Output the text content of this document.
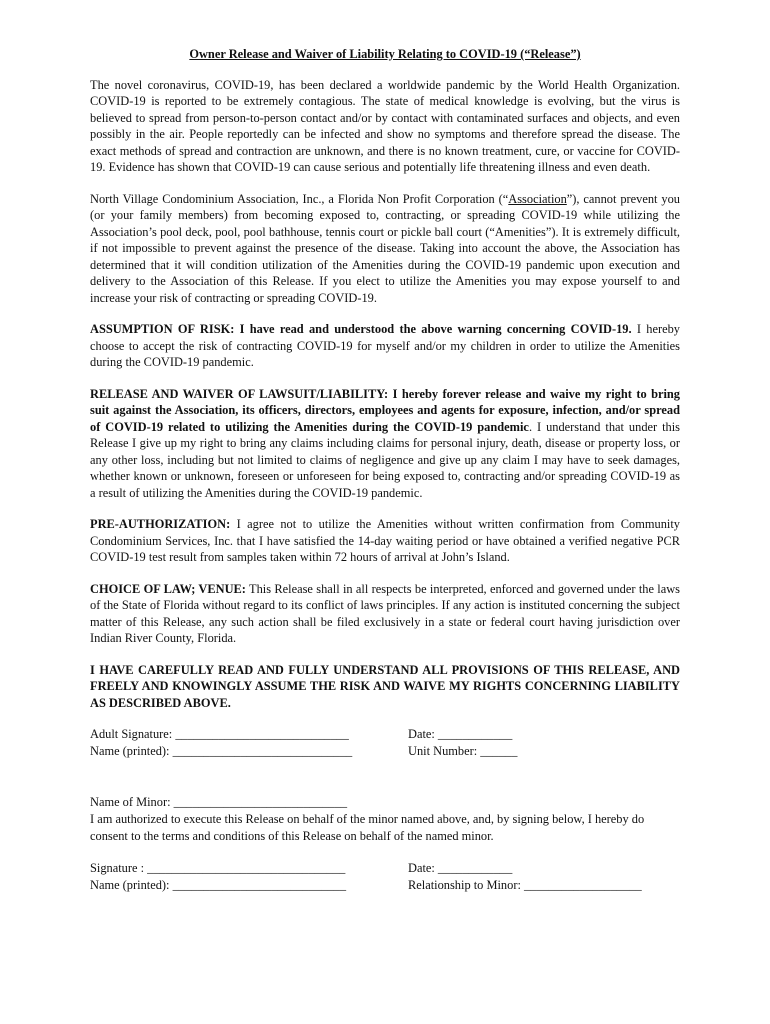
Owner Release and Waiver of Liability Relating to COVID-19 (“Release”)

The novel coronavirus, COVID-19, has been declared a worldwide pandemic by the World Health Organization. COVID-19 is reported to be extremely contagious. The state of medical knowledge is evolving, but the virus is believed to spread from person-to-person contact and/or by contact with contaminated surfaces and objects, and even possibly in the air. People reportedly can be infected and show no symptoms and therefore spread the disease. The exact methods of spread and contraction are unknown, and there is no known treatment, cure, or vaccine for COVID-19. Evidence has shown that COVID-19 can cause serious and potentially life threatening illness and even death.

North Village Condominium Association, Inc., a Florida Non Profit Corporation (“Association”), cannot prevent you (or your family members) from becoming exposed to, contracting, or spreading COVID-19 while utilizing the Association’s pool deck, pool, pool bathhouse, tennis court or pickle ball court (“Amenities”). It is extremely difficult, if not impossible to prevent against the presence of the disease. Taking into account the above, the Association has determined that it will condition utilization of the Amenities during the COVID-19 pandemic upon execution and delivery to the Association of this Release. If you elect to utilize the Amenities you may expose yourself to and increase your risk of contracting or spreading COVID-19.

ASSUMPTION OF RISK: I have read and understood the above warning concerning COVID-19. I hereby choose to accept the risk of contracting COVID-19 for myself and/or my children in order to utilize the Amenities during the COVID-19 pandemic.

RELEASE AND WAIVER OF LAWSUIT/LIABILITY: I hereby forever release and waive my right to bring suit against the Association, its officers, directors, employees and agents for exposure, infection, and/or spread of COVID-19 related to utilizing the Amenities during the COVID-19 pandemic. I understand that under this Release I give up my right to bring any claims including claims for personal injury, death, disease or property loss, or any other loss, including but not limited to claims of negligence and give up any claim I may have to seek damages, whether known or unknown, foreseen or unforeseen for being exposed to, contracting and/or spreading COVID-19 as a result of utilizing the Amenities during the COVID-19 pandemic.

PRE-AUTHORIZATION: I agree not to utilize the Amenities without written confirmation from Community Condominium Services, Inc. that I have satisfied the 14-day waiting period or have obtained a verified negative PCR COVID-19 test result from samples taken within 72 hours of arrival at John’s Island.

CHOICE OF LAW; VENUE: This Release shall in all respects be interpreted, enforced and governed under the laws of the State of Florida without regard to its conflict of laws principles. If any action is instituted concerning the subject matter of this Release, any such action shall be filed exclusively in a state or federal court having jurisdiction over Indian River County, Florida.

I HAVE CAREFULLY READ AND FULLY UNDERSTAND ALL PROVISIONS OF THIS RELEASE, AND FREELY AND KNOWINGLY ASSUME THE RISK AND WAIVE MY RIGHTS CONCERNING LIABILITY AS DESCRIBED ABOVE.

Adult Signature: ____________________________	Date: ____________
Name (printed): _____________________________	Unit Number: ______
Name of Minor: ____________________________

I am authorized to execute this Release on behalf of the minor named above, and, by signing below, I hereby do consent to the terms and conditions of this Release on behalf of the named minor.

Signature : ________________________________	Date: ____________
Name (printed): ____________________________	Relationship to Minor: ___________________
